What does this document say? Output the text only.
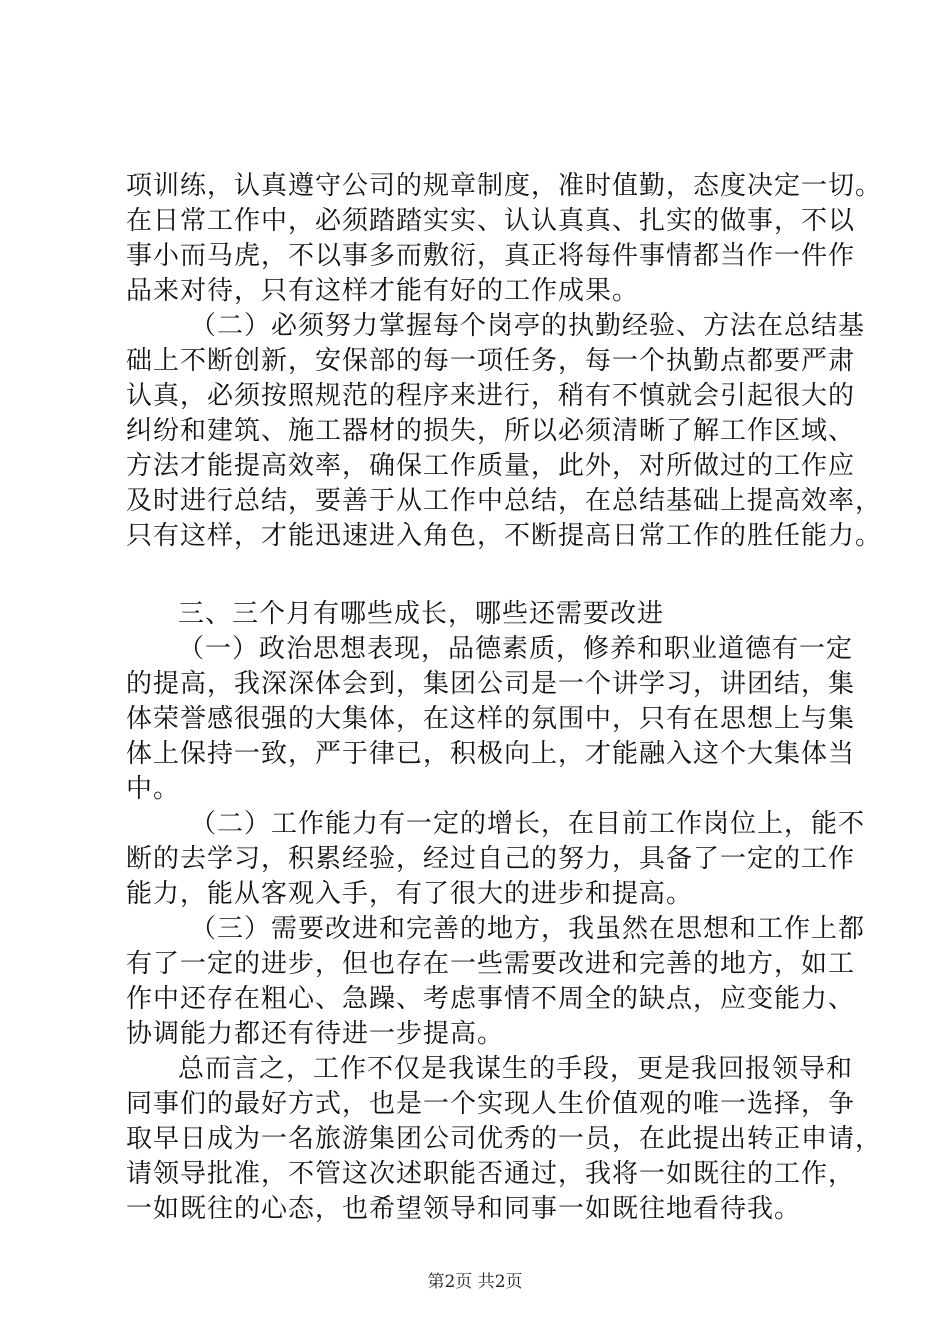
项训练，认真遵守公司的规章制度，准时值勤，态度决定一切。
在日常工作中，必须踏踏实实、认认真真、扎实的做事，不以
事小而马虎，不以事多而敷衍，真正将每件事情都当作一件作
品来对待，只有这样才能有好的工作成果。
（二）必须努力掌握每个岗亭的执勤经验、方法在总结基
础上不断创新，安保部的每一项任务，每一个执勤点都要严肃
认真，必须按照规范的程序来进行，稍有不慎就会引起很大的
纠纷和建筑、施工器材的损失，所以必须清晰了解工作区域、
方法才能提高效率，确保工作质量，此外，对所做过的工作应
及时进行总结，要善于从工作中总结，在总结基础上提高效率，
只有这样，才能迅速进入角色，不断提高日常工作的胜任能力。
三、三个月有哪些成长，哪些还需要改进
（一）政治思想表现，品德素质，修养和职业道德有一定
的提高，我深深体会到，集团公司是一个讲学习，讲团结，集
体荣誉感很强的大集体，在这样的氛围中，只有在思想上与集
体上保持一致，严于律已，积极向上，才能融入这个大集体当
中。
（二）工作能力有一定的增长，在目前工作岗位上，能不
断的去学习，积累经验，经过自己的努力，具备了一定的工作
能力，能从客观入手，有了很大的进步和提高。
（三）需要改进和完善的地方，我虽然在思想和工作上都
有了一定的进步，但也存在一些需要改进和完善的地方，如工
作中还存在粗心、急躁、考虑事情不周全的缺点，应变能力、
协调能力都还有待进一步提高。
总而言之，工作不仅是我谋生的手段，更是我回报领导和
同事们的最好方式，也是一个实现人生价值观的唯一选择，争
取早日成为一名旅游集团公司优秀的一员，在此提出转正申请，
请领导批准，不管这次述职能否通过，我将一如既往的工作，
一如既往的心态，也希望领导和同事一如既往地看待我。
第2页 共2页
